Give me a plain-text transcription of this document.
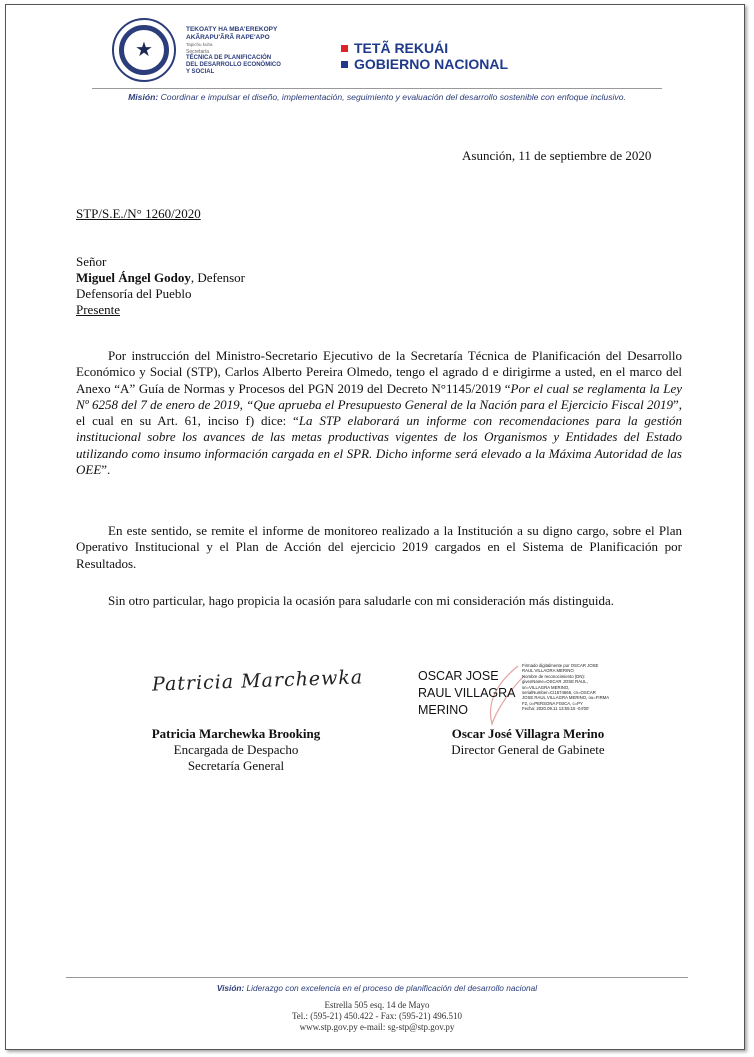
★
TEKOATY HA MBA'EREKOPY
AKÃRAPU'ÃRÃ RAPE'APO
Tapichu kuha
Secretaría
TÉCNICA DE PLANIFICACIÓN
DEL DESARROLLO ECONÓMICO
Y SOCIAL
TETÃ REKUÁI
GOBIERNO NACIONAL
Misión: Coordinar e impulsar el diseño, implementación, seguimiento y evaluación del desarrollo sostenible con enfoque inclusivo.
Asunción, 11 de septiembre de 2020
STP/S.E./N° 1260/2020
Señor
Miguel Ángel Godoy, Defensor
Defensoría del Pueblo
Presente
Por instrucción del Ministro-Secretario Ejecutivo de la Secretaría Técnica de Planificación del Desarrollo Económico y Social (STP), Carlos Alberto Pereira Olmedo, tengo el agrado d e dirigirme a usted, en el marco del Anexo “A” Guía de Normas y Procesos del PGN 2019 del Decreto N°1145/2019 “Por el cual se reglamenta la Ley Nº 6258 del 7 de enero de 2019, “Que aprueba el Presupuesto General de la Nación para el Ejercicio Fiscal 2019”, el cual en su Art. 61, inciso f) dice: “La STP elaborará un informe con recomendaciones para la gestión institucional sobre los avances de las metas productivas vigentes de los Organismos y Entidades del Estado utilizando como insumo información cargada en el SPR. Dicho informe será elevado a la Máxima Autoridad de las OEE”.
En este sentido, se remite el informe de monitoreo realizado a la Institución a su digno cargo, sobre el Plan Operativo Institucional y el Plan de Acción del ejercicio 2019 cargados en el Sistema de Planificación por Resultados.
Sin otro particular, hago propicia la ocasión para saludarle con mi consideración más distinguida.
Patricia Marchewka
Patricia Marchewka Brooking
Encargada de Despacho
Secretaría General
OSCAR JOSE
RAUL VILLAGRA
MERINO
Firmado digitalmente por OSCAR JOSE
RAUL VILLAGRA MERINO
Nombre de reconocimiento (DN):
givenName=OSCAR JOSE RAUL,
sn=VILLAGRA MERINO,
serialNumber=CI1674666, cn=OSCAR
JOSE RAUL VILLAGRA MERINO, ou=FIRMA
F2, o=PERSONA FISICA, c=PY
Fecha: 2020.09.11 13:55:15 -04'00'
Oscar José Villagra Merino
Director General de Gabinete
Visión: Liderazgo con excelencia en el proceso de planificación del desarrollo nacional
Estrella 505 esq. 14 de Mayo
Tel.: (595-21) 450.422 - Fax: (595-21) 496.510
www.stp.gov.py e-mail: sg-stp@stp.gov.py
